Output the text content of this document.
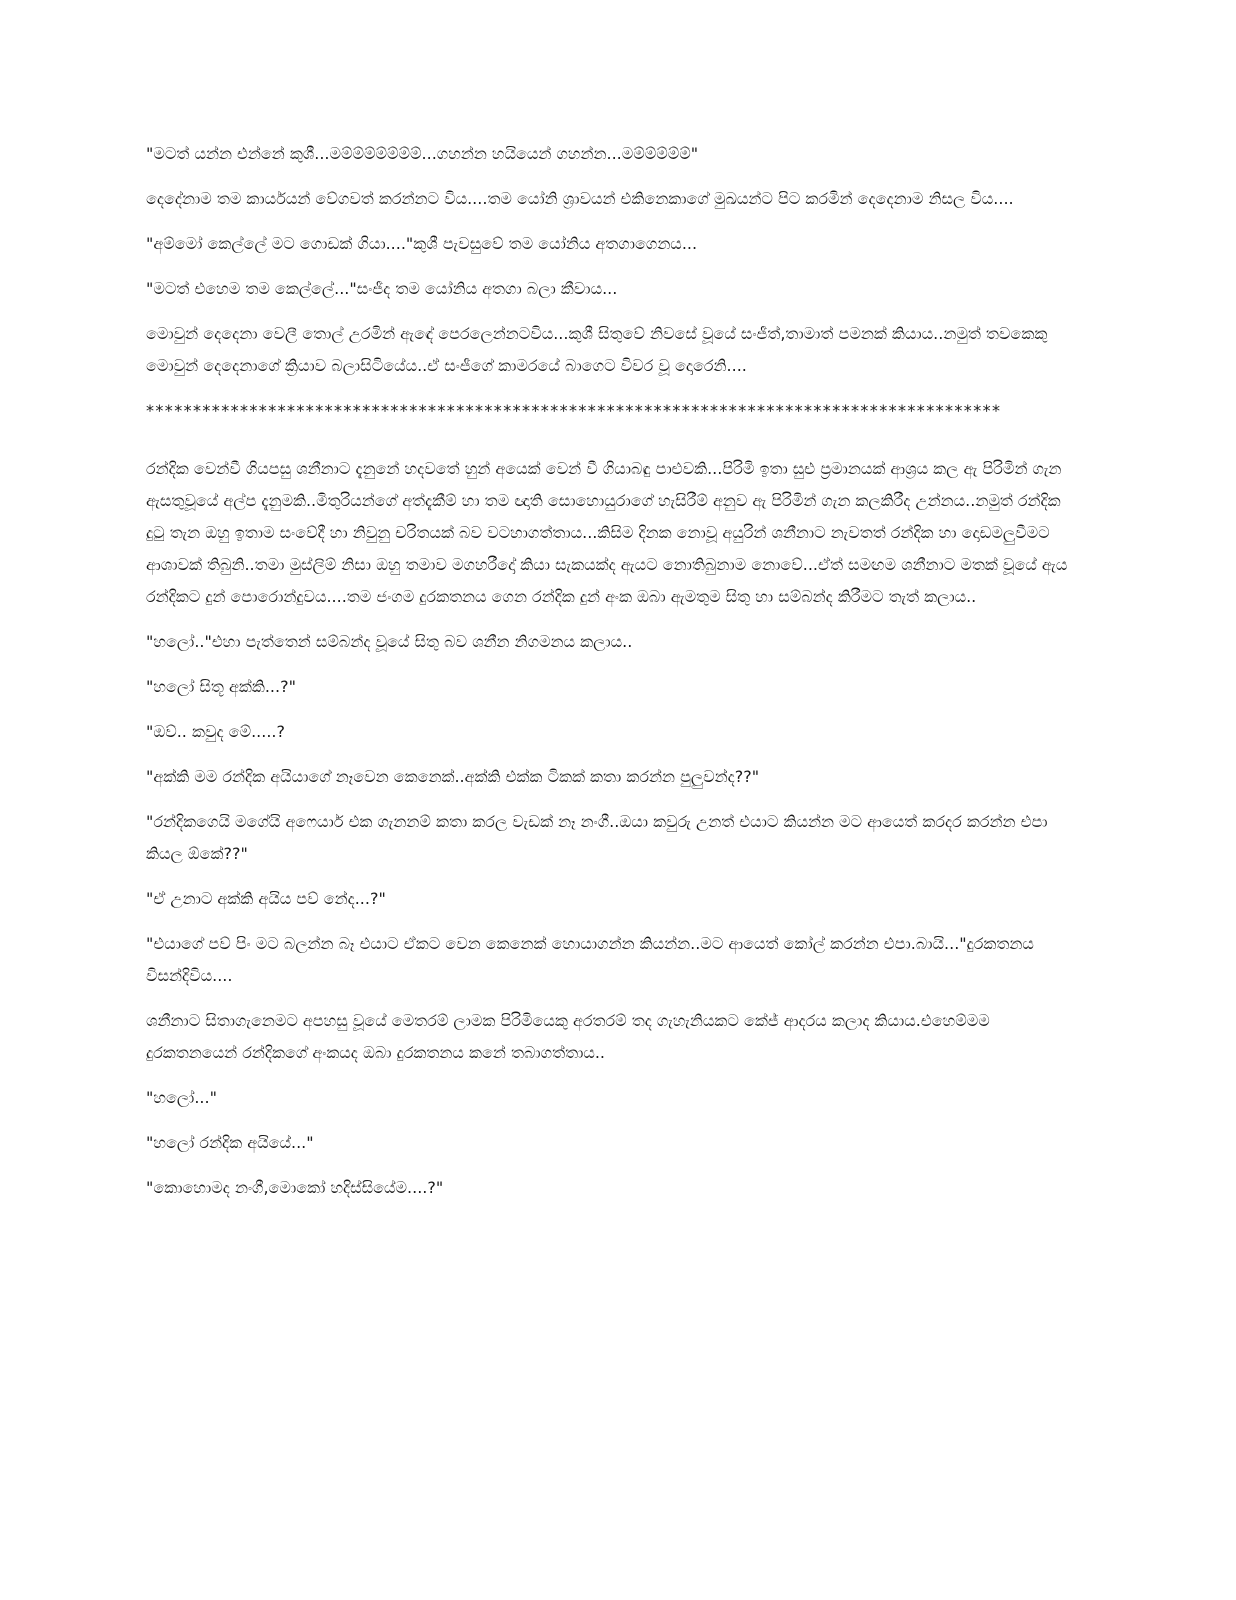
"මටත් යන්න එන්නේ කුශී...මම්ම්ම්ම්ම්ම්ම්...ගහන්න හයියෙන් ගහන්න...මම්ම්ම්ම්ම්"

දෙදේනාම තම කාර්යයන් වේගවත් කරන්නට විය....තම යෝනි ශ්‍රාවයන් එකිනෙකාගේ මුඛයන්ට පිට කරමින් දෙදෙනාම නිසල විය....

"අම්මෝ කෙල්ලේ මට ගොඩක් ගියා...."කුශී පැවසුවේ තම යෝනිය අතගාගෙනය...

"මටත් එහෙම තම කෙල්ලේ..."සංජීද තම යෝනිය අතගා බලා කීවාය...

මොවුන් දෙදෙනා වෙලී තොල් උරමින් ඇඳේ පෙරලෙන්නටවිය...කුශී සිතුවේ නිවසේ වූයේ සංජීත්,තාමාත් පමනක් කියාය..නමුත් තවකෙකු මොවුන් දෙදෙනාගේ ක්‍රියාව බලාසිටියේය..ඒ සංජීගේ කාමරයේ බාගෙට විවර වූ දොරෙනි....

*******************************************************************************************

රන්දික වෙන්වී ගියපසු ශනීනාට දැනුනේ හදවතේ හුන් අයෙක් වෙන් වී ගියාබඳු පාළුවකි...පිරිමි ඉතා සුළු ප්‍රමානයක් ආශ්‍රය කල ඇ පිරිමින් ගැන ඇසතුවූයේ අල්ප දැනුමකි..මිතුරියන්ගේ අත්දැකීම් හා තම ඥාති සොහොයුරාගේ හැසිරීම් අනුව ඇ පිරිමින් ගැන කලකිරීද උන්නය..නමුත් රන්දික දුටු තැන ඔහු ඉතාම සංවේදී හා නිවුනු චරිතයක් බව වටහාගත්තාය...කිසිම දිනක නොවූ අයුරින් ශනීනාට නැවතත් රන්දික හා දොඩමලුවීමට ආශාවක් තිබුනි..තමා මුස්ලිම් නිසා ඔහු තමාව මගහරීදෝ කියා සැකයක්ද ඇයට නොතිබුනාම නොවේ...ඒත් සමඟම ශනීනාට මතක් වූයේ ඇය රන්දිකට දුන් පොරොන්දුවය....තම ජංගම දුරකතනය ගෙන රන්දික දුන් අංක ඔබා ඇමතුම සිතු හා සම්බන්ද කිරීමට තැත් කලාය..

"හලෝ.."එහා පැත්තෙන් සම්බන්ද වූයේ සිතු බව ශනීන නිගමනය කලාය..

"හලෝ සිතූ අක්කි...?"

"ඔව්.. කවුද මේ.....?

"අක්කි මම රන්දික අයියාගේ නෑවෙන කෙනෙක්..අක්කි එක්ක ටිකක් කතා කරන්න පුලුවන්ද??"

"රන්දිකගෙයි මගේයි අෆෙයාර් එක ගැනනම් කතා කරල වැඩක් නෑ නංගී..ඔයා කවුරු උනත් එයාට කියන්න මට ආයෙත් කරදර කරන්න එපා කියල ඕකේ??"

"ඒ උනාට අක්කි අයිය පව් නේද...?"

"එයාගේ පව් පිං මට බලන්න බෑ එයාට ඒකට වෙන කෙනෙක් හොයාගන්න කියන්න..මට ආයෙත් කෝල් කරන්න එපා.බායි..."දුරකතනය විසන්දිවිය....

ශනීනාට සිතාගැනෙමට අපහසු වූයේ මෙතරම් ලාමක පිරිමියෙකු අරතරම් තද ගැහැනියකට කේජ් ආදරය කලාද කියාය.එහෙම්මම දුරකතනයෙන් රන්දිකගේ අංකයද ඔබා දුරකතනය කනේ තබාගත්තාය..

"හලෝ..."

"හලෝ රන්දික අයියේ..."

"කොහොමද නංගී,මොකෝ හදිස්සියේම....?"
